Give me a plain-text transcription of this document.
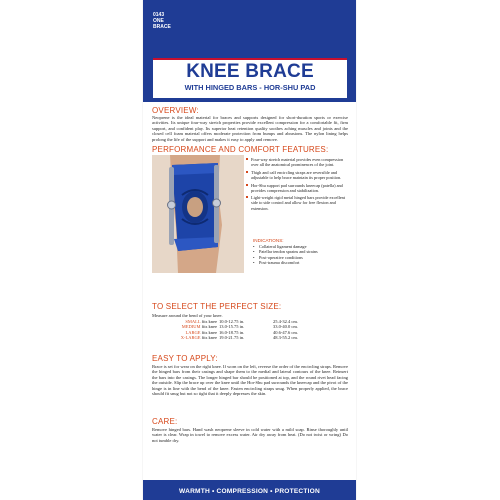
0143
ONE
BRACE
KNEE BRACE
WITH HINGED BARS - HOR-SHU PAD
OVERVIEW:
Neoprene is the ideal material for braces and supports designed for short-duration sports or exercise activities. Its unique four-way stretch properties provide excellent compression for a comfortable fit, firm support, and confident play. Its superior heat retention quality soothes aching muscles and joints and the closed cell foam material offers moderate protection from bumps and abrasions. The nylon lining helps prolong the life of the support and makes it easy to apply and remove.
PERFORMANCE AND COMFORT FEATURES:
Four-way stretch material provides even compression over all the anatomical prominences of the joint.
Thigh and calf encircling straps are reversible and adjustable to help brace maintain its proper position.
Hor-Shu support pad surrounds kneecap (patella) and provides compression and stabilization.
Light-weight rigid metal hinged bars provide excellent side to side control and allow for free flexion and extension.
INDICATIONS:
• Collateral ligament damage
• Patellar tendon sprains and strains
• Post-operative conditions
• Post-trauma discomfort
TO SELECT THE PERFECT SIZE:
Measure around the bend of your knee.
SMALL fits knee 10.0-12.75 in.	25.4-32.4 cm.
MEDIUM fits knee 13.0-15.75 in.	33.0-40.0 cm.
LARGE fits knee 16.0-18.75 in.	40.6-47.6 cm.
X-LARGE fits knee 19.0-21.75 in.	48.3-55.2 cm.
EASY TO APPLY:
Brace is set for wear on the right knee. If worn on the left, reverse the order of the encircling straps. Remove the hinged bars from their casings and shape them to the medial and lateral contours of the knee. Reinsert the bars into the casings. The longer hinged bar should be positioned at top, and the round rivet head facing the outside. Slip the brace up over the knee until the Hor-Shu pad surrounds the kneecap and the pivot of the hinge is in line with the bend of the knee. Fasten encircling straps snug. When properly applied, the brace should fit snug but not so tight that it deeply depresses the skin.
CARE:
Remove hinged bars. Hand wash neoprene sleeve in cold water with a mild soap. Rinse thoroughly until water is clear. Wrap in towel to remove excess water. Air dry away from heat. (Do not twist or wring) Do not tumble dry.
WARMTH • COMPRESSION • PROTECTION
